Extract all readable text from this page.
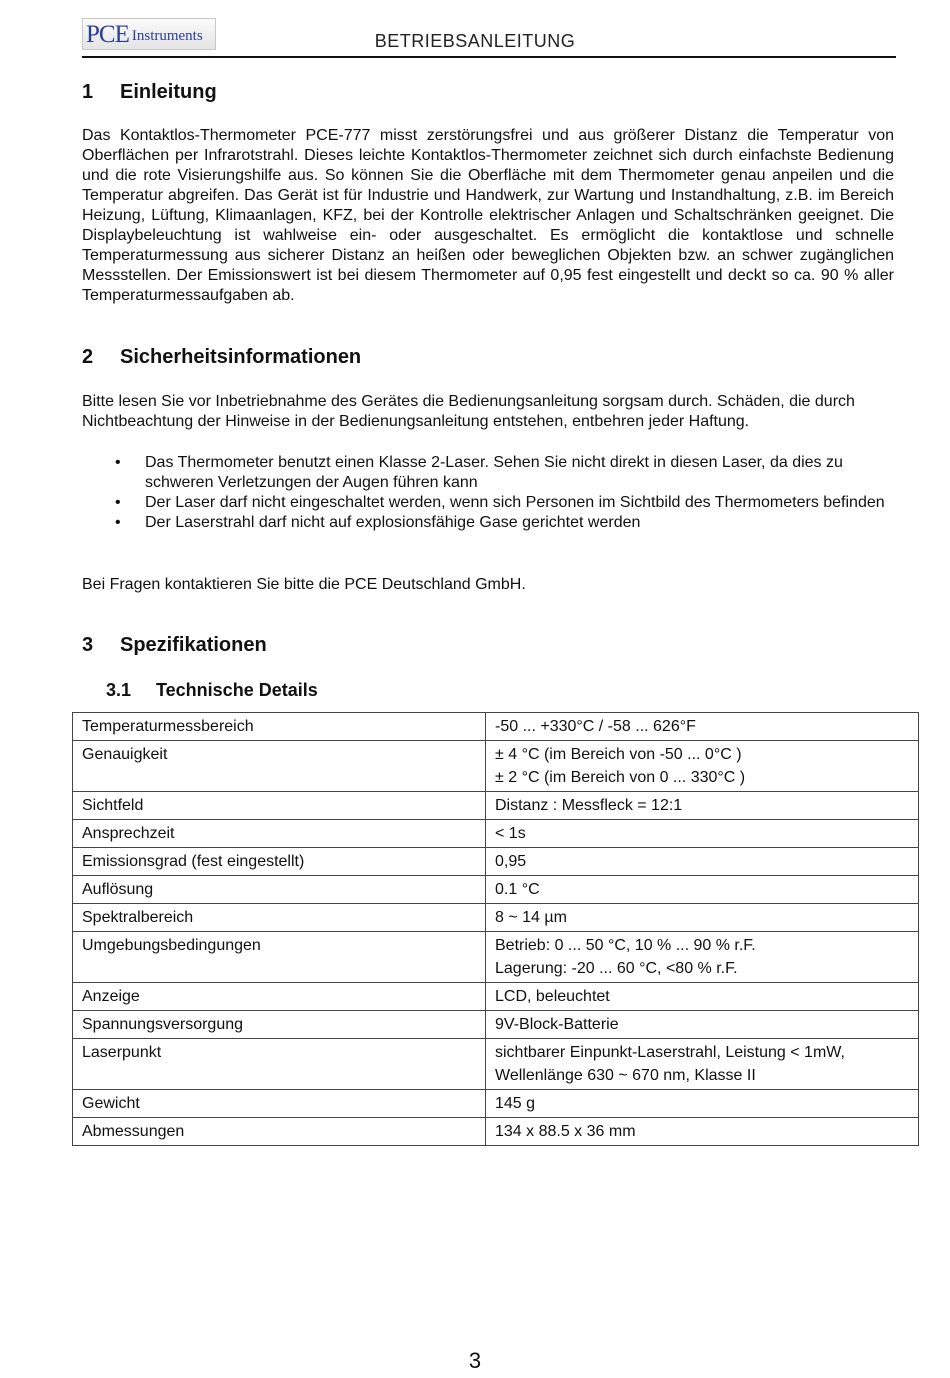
PCE Instruments	BETRIEBSANLEITUNG
1 Einleitung
Das Kontaktlos-Thermometer PCE-777 misst zerstörungsfrei und aus größerer Distanz die Temperatur von Oberflächen per Infrarotstrahl. Dieses leichte Kontaktlos-Thermometer zeichnet sich durch einfachste Bedienung und die rote Visierungshilfe aus. So können Sie die Oberfläche mit dem Thermometer genau anpeilen und die Temperatur abgreifen. Das Gerät ist für Industrie und Handwerk, zur Wartung und Instandhaltung, z.B. im Bereich Heizung, Lüftung, Klimaanlagen, KFZ, bei der Kontrolle elektrischer Anlagen und Schaltschränken geeignet. Die Displaybeleuchtung ist wahlweise ein- oder ausgeschaltet. Es ermöglicht die kontaktlose und schnelle Temperaturmessung aus sicherer Distanz an heißen oder beweglichen Objekten bzw. an schwer zugänglichen Messstellen. Der Emissionswert ist bei diesem Thermometer auf 0,95 fest eingestellt und deckt so ca. 90 % aller Temperaturmessaufgaben ab.
2 Sicherheitsinformationen
Bitte lesen Sie vor Inbetriebnahme des Gerätes die Bedienungsanleitung sorgsam durch. Schäden, die durch Nichtbeachtung der Hinweise in der Bedienungsanleitung entstehen, entbehren jeder Haftung.
• Das Thermometer benutzt einen Klasse 2-Laser. Sehen Sie nicht direkt in diesen Laser, da dies zu schweren Verletzungen der Augen führen kann
• Der Laser darf nicht eingeschaltet werden, wenn sich Personen im Sichtbild des Thermometers befinden
• Der Laserstrahl darf nicht auf explosionsfähige Gase gerichtet werden
Bei Fragen kontaktieren Sie bitte die PCE Deutschland GmbH.
3 Spezifikationen
3.1 Technische Details
Temperaturmessbereich	-50 ... +330°C / -58 ... 626°F

Genauigkeit	± 4 °C (im Bereich von -50 ... 0°C )
± 2 °C (im Bereich von 0 ... 330°C )

Sichtfeld	Distanz : Messfleck = 12:1

Ansprechzeit	< 1s

Emissionsgrad (fest eingestellt)	0,95

Auflösung	0.1 °C

Spektralbereich	8 ~ 14 µm

Umgebungsbedingungen	Betrieb: 0 ... 50 °C, 10 % ... 90 % r.F.
Lagerung: -20 ... 60 °C, <80 % r.F.

Anzeige	LCD, beleuchtet

Spannungsversorgung	9V-Block-Batterie

Laserpunkt	sichtbarer Einpunkt-Laserstrahl, Leistung < 1mW,
Wellenlänge 630 ~ 670 nm, Klasse II

Gewicht	145 g

Abmessungen	134 x 88.5 x 36 mm
3
